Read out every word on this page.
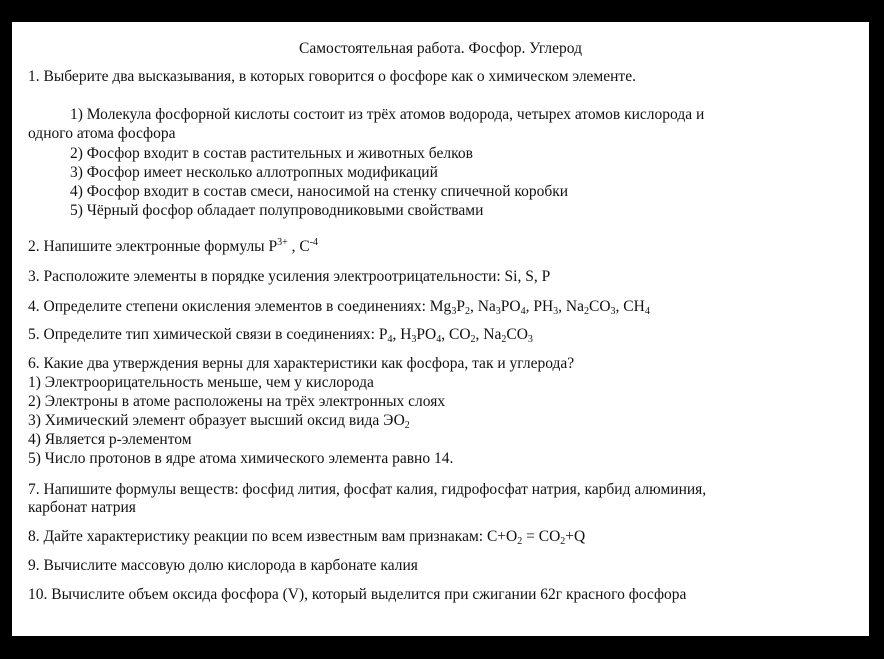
Самостоятельная работа. Фосфор. Углерод
1. Выберите два высказывания, в которых говорится о фосфоре как о химическом элементе.
1) Молекула фосфорной кислоты состоит из трёх атомов водорода, четырех атомов кислорода и
одного атома фосфора
2) Фосфор входит в состав растительных и животных белков
3) Фосфор имеет несколько аллотропных модификаций
4) Фосфор входит в состав смеси, наносимой на стенку спичечной коробки
5) Чёрный фосфор обладает полупроводниковыми свойствами
2. Напишите электронные формулы $P^{3+}$ , $C^{-4}$
3. Расположите элементы в порядке усиления электроотрицательности: Si, S, P
4. Определите степени окисления элементов в соединениях: $Mg_3P_2$, $Na_3PO_4$, $PH_3$, $Na_2CO_3$, $CH_4$
5. Определите тип химической связи в соединениях: $P_4$, $H_3PO_4$, $CO_2$, $Na_2CO_3$
6. Какие два утверждения верны для характеристики как фосфора, так и углерода?
1) Электроорицательность меньше, чем у кислорода
2) Электроны в атоме расположены на трёх электронных слоях
3) Химический элемент образует высший оксид вида $ЭО_2$
4) Является p-элементом
5) Число протонов в ядре атома химического элемента равно 14.
7. Напишите формулы веществ: фосфид лития, фосфат калия, гидрофосфат натрия, карбид алюминия,
карбонат натрия
8. Дайте характеристику реакции по всем известным вам признакам: $C+O_2 = CO_2+Q$
9. Вычислите массовую долю кислорода в карбонате калия
10. Вычислите объем оксида фосфора (V), который выделится при сжигании 62г красного фосфора
